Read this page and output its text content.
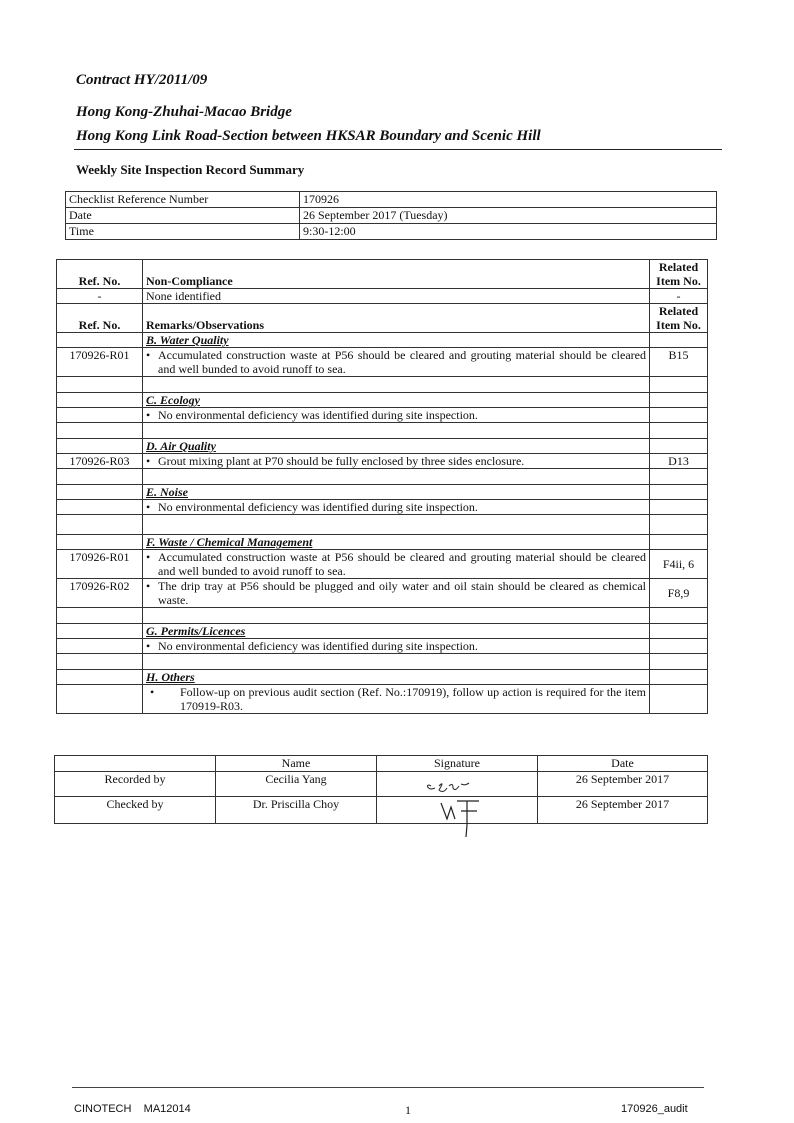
Contract HY/2011/09
Hong Kong-Zhuhai-Macao Bridge
Hong Kong Link Road-Section between HKSAR Boundary and Scenic Hill
Weekly Site Inspection Record Summary
Checklist Reference Number	170926
Date	26 September 2017 (Tuesday)
Time	9:30-12:00
Ref. No.	Non-Compliance	Related
Item No.
-	None identified	-
Ref. No.	Remarks/Observations	Related
Item No.
	B. Water Quality	
170926-R01	• Accumulated construction waste at P56 should be cleared and grouting material should be cleared and well bunded to avoid runoff to sea.	B15

	C. Ecology	

	• No environmental deficiency was identified during site inspection.	

	D. Air Quality	
170926-R03	• Grout mixing plant at P70 should be fully enclosed by three sides enclosure.	D13

	E. Noise	

	• No environmental deficiency was identified during site inspection.	

	F. Waste / Chemical Management	
170926-R01	• Accumulated construction waste at P56 should be cleared and grouting material should be cleared and well bunded to avoid runoff to sea.	F4ii, 6
170926-R02	• The drip tray at P56 should be plugged and oily water and oil stain should be cleared as chemical waste.	F8,9

	G. Permits/Licences	

	• No environmental deficiency was identified during site inspection.	

	H. Others	

	• Follow-up on previous audit section (Ref. No.:170919), follow up action is required for the item 170919-R03.	

	Name	Signature	Date
Recorded by	Cecilia Yang		26 September 2017
Checked by	Dr. Priscilla Choy		26 September 2017
CINOTECH    MA12014	1	170926_audit
